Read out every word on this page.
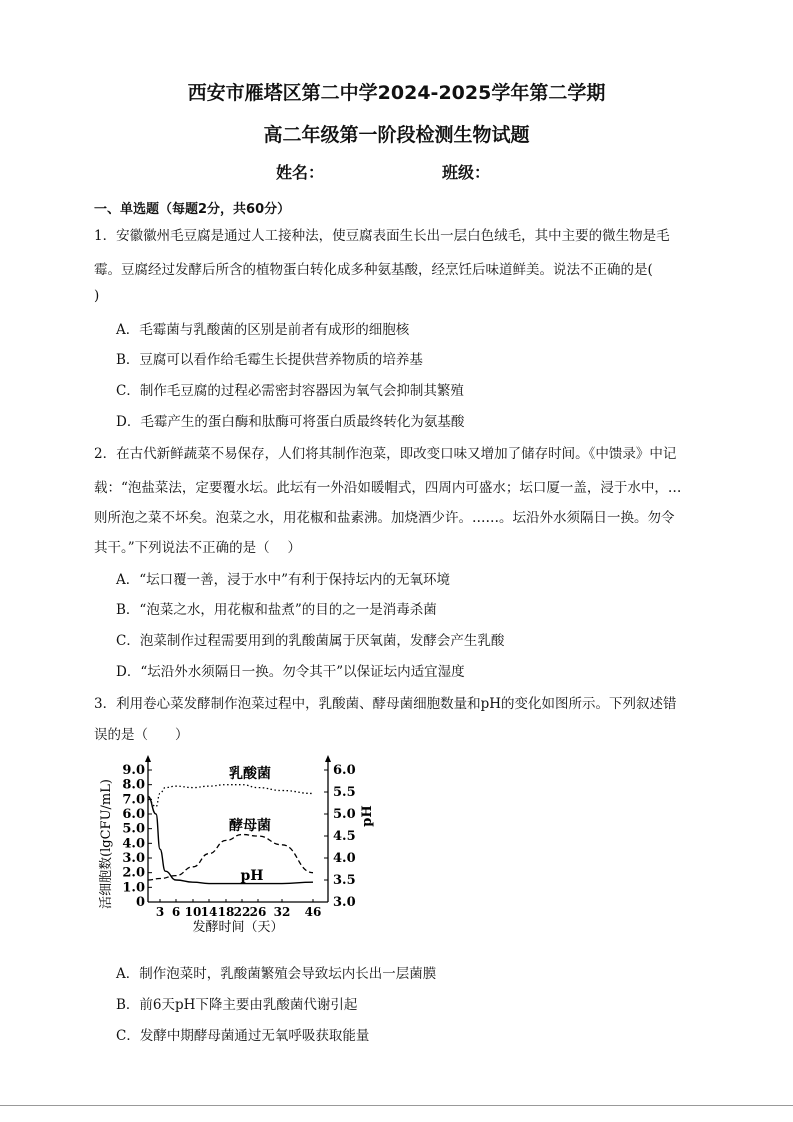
西安市雁塔区第二中学2024-2025学年第二学期
高二年级第一阶段检测生物试题
姓名：	班级：
一、单选题（每题2分，共60分）
1．安徽徽州毛豆腐是通过人工接种法，使豆腐表面生长出一层白色绒毛，其中主要的微生物是毛
霉。豆腐经过发酵后所含的植物蛋白转化成多种氨基酸，经烹饪后味道鲜美。说法不正确的是(
)
A．毛霉菌与乳酸菌的区别是前者有成形的细胞核
B．豆腐可以看作给毛霉生长提供营养物质的培养基
C．制作毛豆腐的过程必需密封容器因为氧气会抑制其繁殖
D．毛霉产生的蛋白酶和肽酶可将蛋白质最终转化为氨基酸
2．在古代新鲜蔬菜不易保存，人们将其制作泡菜，即改变口味又增加了储存时间。《中馈录》中记
载：“泡盐菜法，定要覆水坛。此坛有一外沿如暖帽式，四周内可盛水；坛口厦一盖，浸于水中，…
则所泡之菜不坏矣。泡菜之水，用花椒和盐素沸。加烧酒少许。……。坛沿外水须隔日一换。勿令
其干。”下列说法不正确的是（　 ）
A．“坛口覆一善，浸于水中”有利于保持坛内的无氧环境
B．“泡菜之水，用花椒和盐煮”的目的之一是消毒杀菌
C．泡菜制作过程需要用到的乳酸菌属于厌氧菌，发酵会产生乳酸
D．“坛沿外水须隔日一换。勿令其干”以保证坛内适宜湿度
3．利用卷心菜发酵制作泡菜过程中，乳酸菌、酵母菌细胞数量和pH的变化如图所示。下列叙述错
误的是（　　）
0
1.0
2.0
3.0
4.0
5.0
6.0
7.0
8.0
9.0
3.0
3.5
4.0
4.5
5.0
5.5
6.0
3 6 10 14 18 22 26 32 46
发酵时间（天）
活细胞数(lgCFU/mL)	pH
乳酸菌
酵母菌
pH
A．制作泡菜时，乳酸菌繁殖会导致坛内长出一层菌膜
B．前6天pH下降主要由乳酸菌代谢引起
C．发酵中期酵母菌通过无氧呼吸获取能量
